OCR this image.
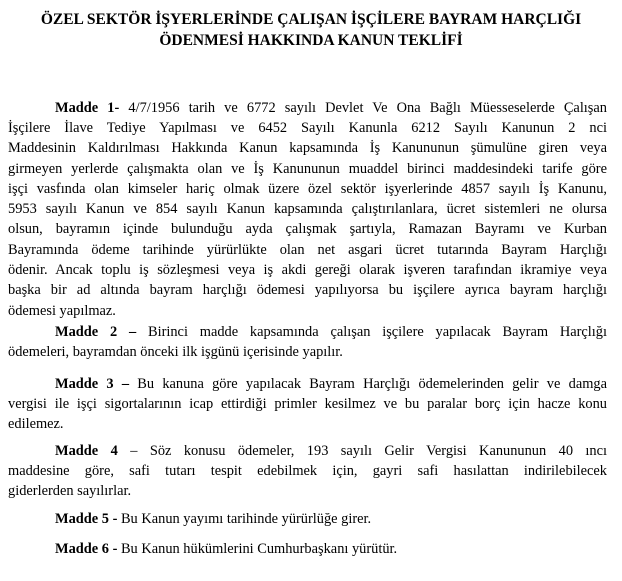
ÖZEL SEKTÖR İŞYERLERİNDE ÇALIŞAN İŞÇİLERE BAYRAM HARÇLIĞI
ÖDENMESİ HAKKINDA KANUN TEKLİFİ
Madde 1- 4/7/1956 tarih ve 6772 sayılı Devlet Ve Ona Bağlı Müesseselerde Çalışan
İşçilere İlave Tediye Yapılması ve 6452 Sayılı Kanunla 6212 Sayılı Kanunun 2 nci
Maddesinin Kaldırılması Hakkında Kanun kapsamında İş Kanununun şümulüne giren veya
girmeyen yerlerde çalışmakta olan ve İş Kanununun muaddel birinci maddesindeki tarife göre
işçi vasfında olan kimseler hariç olmak üzere özel sektör işyerlerinde 4857 sayılı İş Kanunu,
5953 sayılı Kanun ve 854 sayılı Kanun kapsamında çalıştırılanlara, ücret sistemleri ne olursa
olsun, bayramın içinde bulunduğu ayda çalışmak şartıyla, Ramazan Bayramı ve Kurban
Bayramında ödeme tarihinde yürürlükte olan net asgari ücret tutarında Bayram Harçlığı
ödenir. Ancak toplu iş sözleşmesi veya iş akdi gereği olarak işveren tarafından ikramiye veya
başka bir ad altında bayram harçlığı ödemesi yapılıyorsa bu işçilere ayrıca bayram harçlığı
ödemesi yapılmaz.
Madde 2 – Birinci madde kapsamında çalışan işçilere yapılacak Bayram Harçlığı
ödemeleri, bayramdan önceki ilk işgünü içerisinde yapılır.
Madde 3 – Bu kanuna göre yapılacak Bayram Harçlığı ödemelerinden gelir ve damga
vergisi ile işçi sigortalarının icap ettirdiği primler kesilmez ve bu paralar borç için hacze konu
edilemez.
Madde 4 – Söz konusu ödemeler, 193 sayılı Gelir Vergisi Kanununun 40 ıncı
maddesine göre, safi tutarı tespit edebilmek için, gayri safi hasılattan indirilebilecek
giderlerden sayılırlar.
Madde 5 - Bu Kanun yayımı tarihinde yürürlüğe girer.
Madde 6 - Bu Kanun hükümlerini Cumhurbaşkanı yürütür.
